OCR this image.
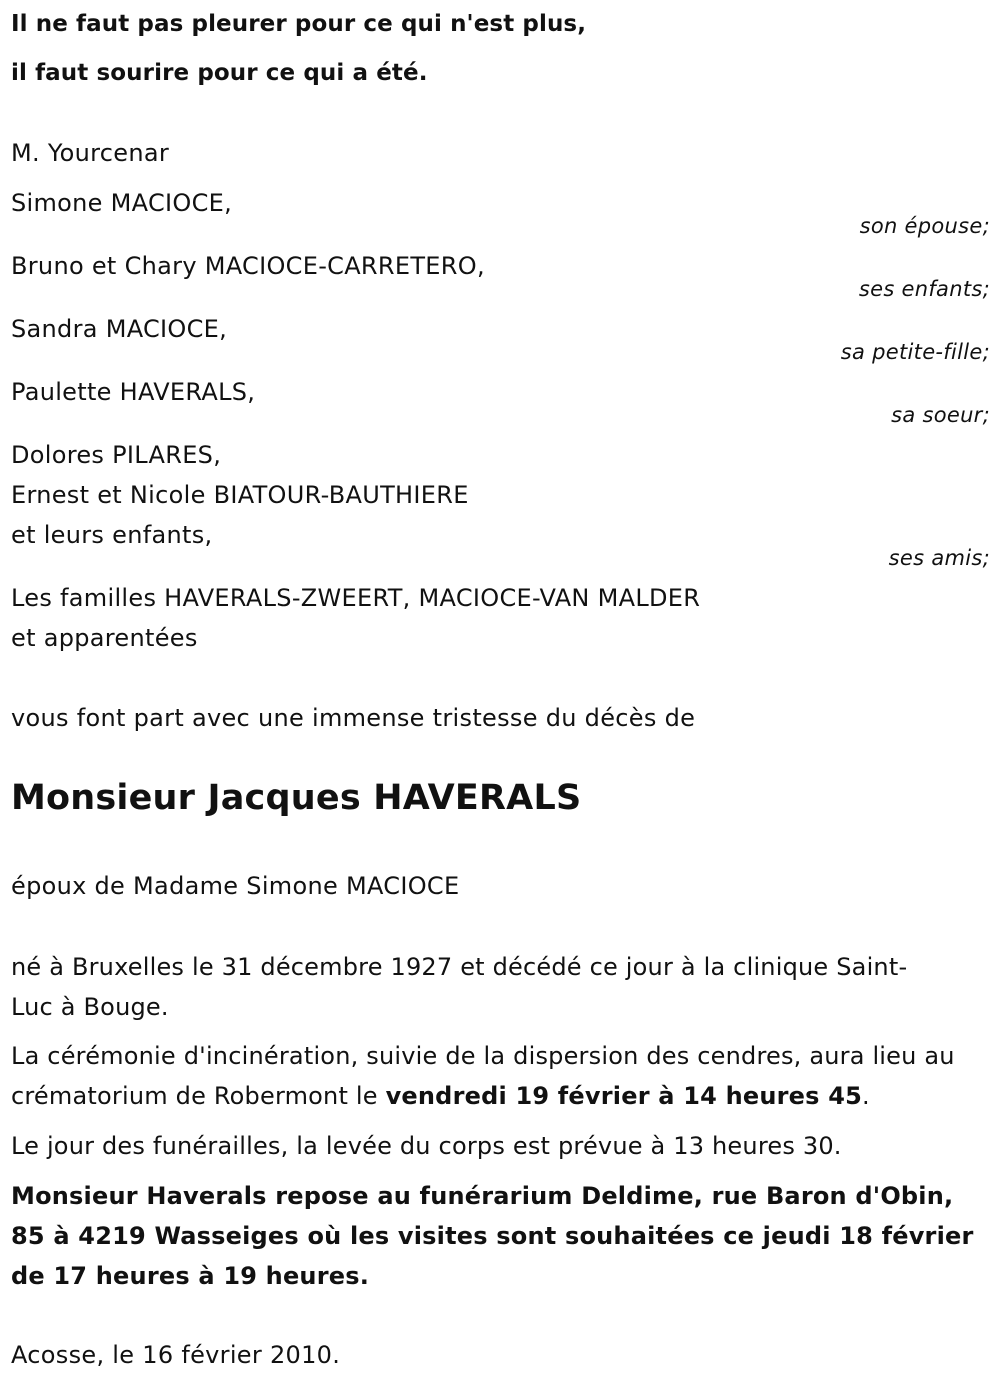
Il ne faut pas pleurer pour ce qui n'est plus,

il faut sourire pour ce qui a été.

M. Yourcenar

Simone MACIOCE,

son épouse;

Bruno et Chary MACIOCE-CARRETERO,

ses enfants;

Sandra MACIOCE,

sa petite-fille;

Paulette HAVERALS,

sa soeur;

Dolores PILARES,

Ernest et Nicole BIATOUR-BAUTHIERE

et leurs enfants,

ses amis;

Les familles HAVERALS-ZWEERT, MACIOCE-VAN MALDER

et apparentées

vous font part avec une immense tristesse du décès de

Monsieur Jacques HAVERALS

époux de Madame Simone MACIOCE

né à Bruxelles le 31 décembre 1927 et décédé ce jour à la clinique Saint-Luc à Bouge.

La cérémonie d'incinération, suivie de la dispersion des cendres, aura lieu au crématorium de Robermont le vendredi 19 février à 14 heures 45.

Le jour des funérailles, la levée du corps est prévue à 13 heures 30.

Monsieur Haverals repose au funérarium Deldime, rue Baron d'Obin, 85 à 4219 Wasseiges où les visites sont souhaitées ce jeudi 18 février de 17 heures à 19 heures.

Acosse, le 16 février 2010.
